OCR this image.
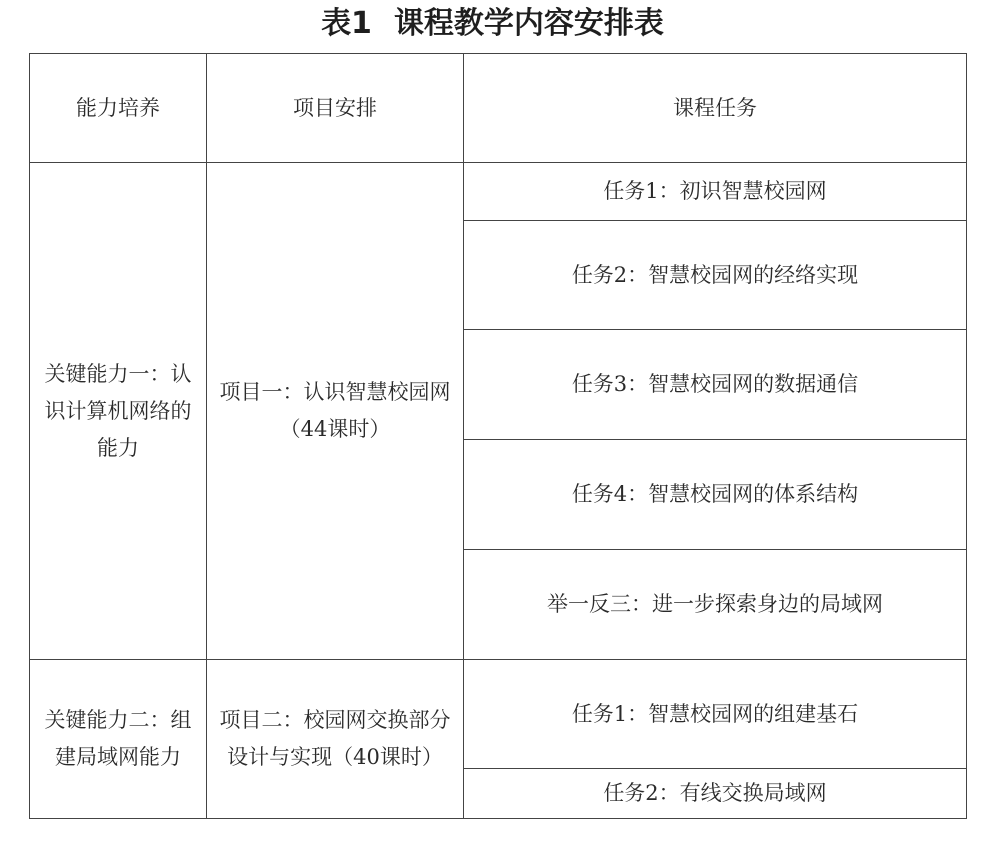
表1 课程教学内容安排表
能力培养	项目安排	课程任务

关键能力一：认识计算机网络的能力	项目一：认识智慧校园网（44课时）	任务1：初识智慧校园网
		任务2：智慧校园网的经络实现
		任务3：智慧校园网的数据通信
		任务4：智慧校园网的体系结构
		举一反三：进一步探索身边的局域网

关键能力二：组建局域网能力	项目二：校园网交换部分设计与实现（40课时）	任务1：智慧校园网的组建基石
		任务2：有线交换局域网
